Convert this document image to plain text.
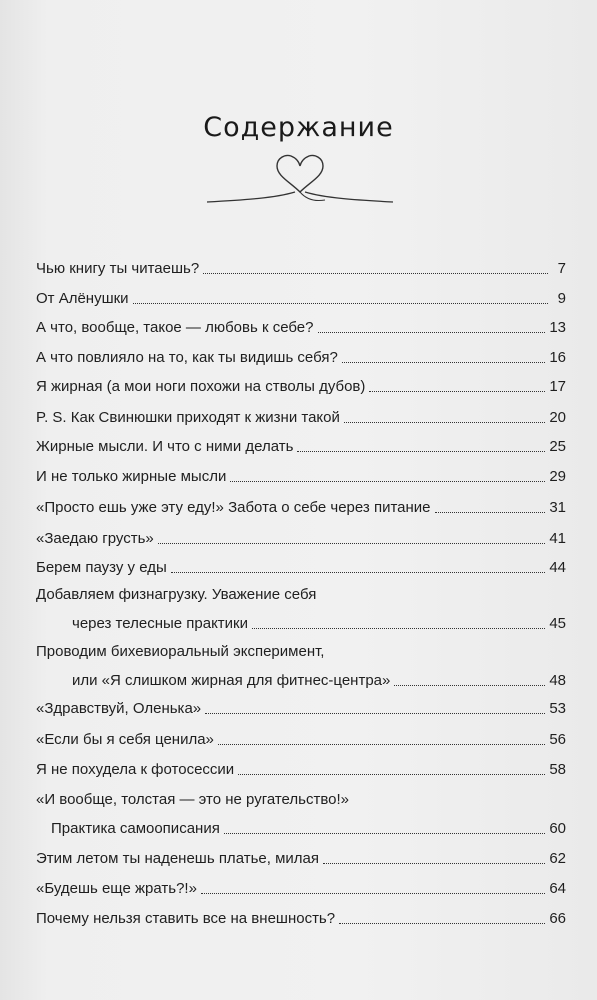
Содержание
Чью книгу ты читаешь?	7
От Алёнушки	9
А что, вообще, такое — любовь к себе?	13
А что повлияло на то, как ты видишь себя?	16
Я жирная (а мои ноги похожи на стволы дубов)	17
P. S. Как Свинюшки приходят к жизни такой	20
Жирные мысли. И что с ними делать	25
И не только жирные мысли	29
«Просто ешь уже эту еду!» Забота о себе через питание	31
«Заедаю грусть»	41
Берем паузу у еды	44
Добавляем физнагрузку. Уважение себя
через телесные практики	45
Проводим бихевиоральный эксперимент,
или «Я слишком жирная для фитнес-центра»	48
«Здравствуй, Оленька»	53
«Если бы я себя ценила»	56
Я не похудела к фотосессии	58
«И вообще, толстая — это не ругательство!»
Практика самоописания	60
Этим летом ты наденешь платье, милая	62
«Будешь еще жрать?!»	64
Почему нельзя ставить все на внешность?	66
